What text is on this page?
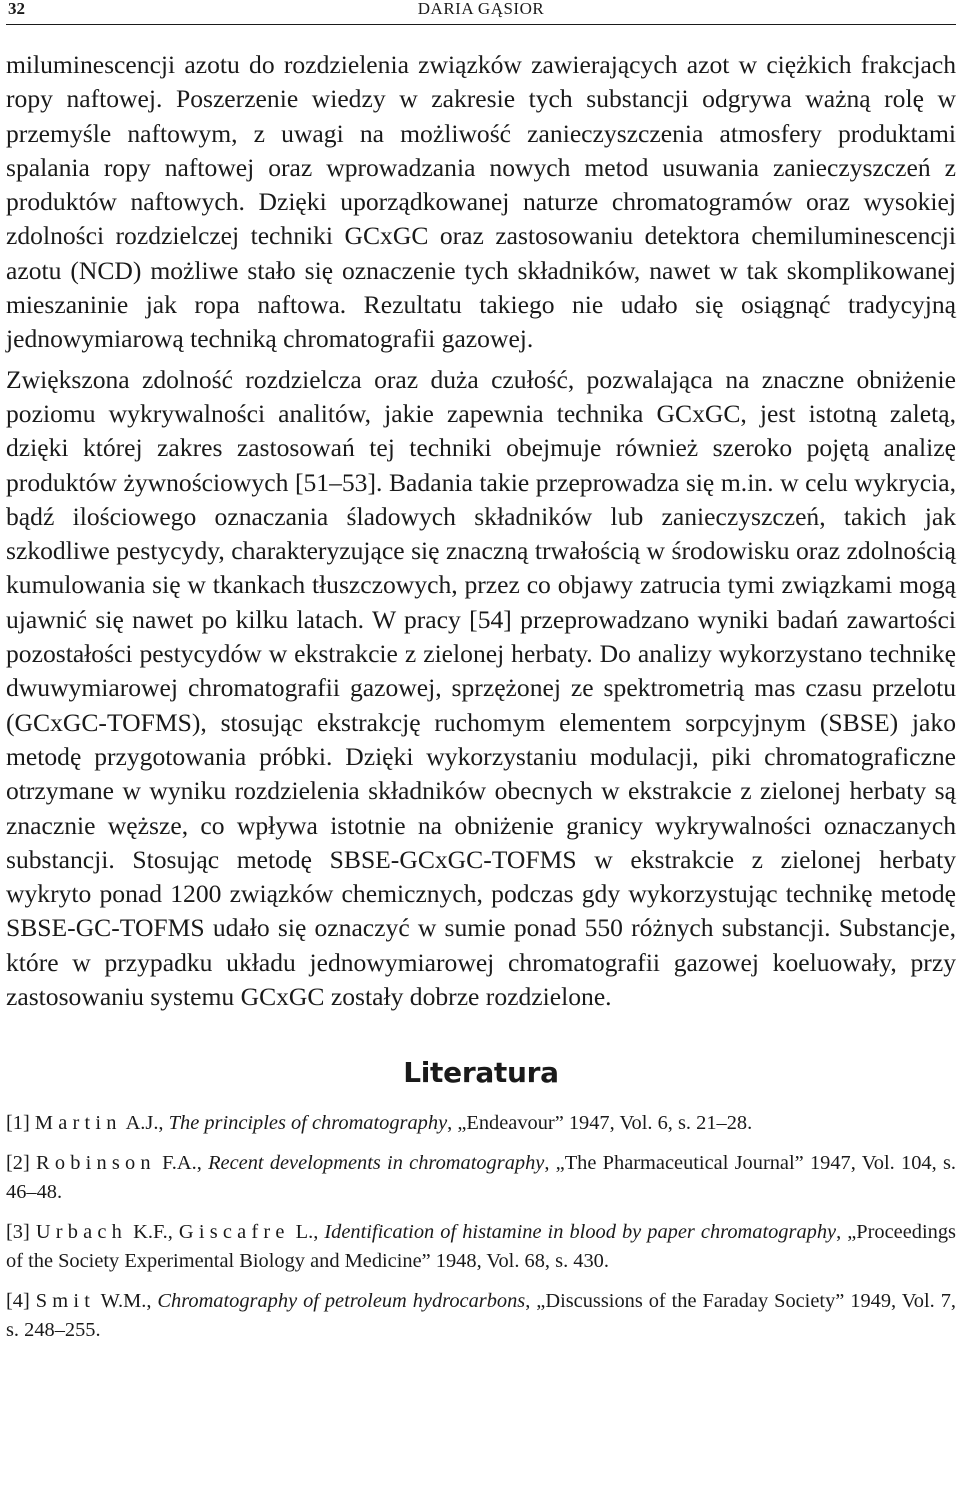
32	DARIA GĄSIOR

miluminescencji azotu do rozdzielenia związków zawierających azot w ciężkich frakcjach ropy naftowej. Poszerzenie wiedzy w zakresie tych substancji odgrywa ważną rolę w przemyśle naftowym, z uwagi na możliwość zanieczyszczenia atmosfery produktami spalania ropy naftowej oraz wprowadzania nowych metod usuwania zanieczyszczeń z produktów naftowych. Dzięki uporządkowanej naturze chromatogramów oraz wysokiej zdolności rozdzielczej techniki GCxGC oraz zastosowaniu detektora chemiluminescencji azotu (NCD) możliwe stało się oznaczenie tych składników, nawet w tak skomplikowanej mieszaninie jak ropa naftowa. Rezultatu takiego nie udało się osiągnąć tradycyjną jednowymiarową techniką chromatografii gazowej.

Zwiększona zdolność rozdzielcza oraz duża czułość, pozwalająca na znaczne obniżenie poziomu wykrywalności analitów, jakie zapewnia technika GCxGC, jest istotną zaletą, dzięki której zakres zastosowań tej techniki obejmuje również szeroko pojętą analizę produktów żywnościowych [51–53]. Badania takie przeprowadza się m.in. w celu wykrycia, bądź ilościowego oznaczania śladowych składników lub zanieczyszczeń, takich jak szkodliwe pestycydy, charakteryzujące się znaczną trwałością w środowisku oraz zdolnością kumulowania się w tkankach tłuszczowych, przez co objawy zatrucia tymi związkami mogą ujawnić się nawet po kilku latach. W pracy [54] przeprowadzano wyniki badań zawartości pozostałości pestycydów w ekstrakcie z zielonej herbaty. Do analizy wykorzystano technikę dwuwymiarowej chromatografii gazowej, sprzężonej ze spektrometrią mas czasu przelotu (GCxGC-TOFMS), stosując ekstrakcję ruchomym elementem sorpcyjnym (SBSE) jako metodę przygotowania próbki. Dzięki wykorzystaniu modulacji, piki chromatograficzne otrzymane w wyniku rozdzielenia składników obecnych w ekstrakcie z zielonej herbaty są znacznie węższe, co wpływa istotnie na obniżenie granicy wykrywalności oznaczanych substancji. Stosując metodę SBSE-GCxGC-TOFMS w ekstrakcie z zielonej herbaty wykryto ponad 1200 związków chemicznych, podczas gdy wykorzystując technikę metodę SBSE-GC-TOFMS udało się oznaczyć w sumie ponad 550 różnych substancji. Substancje, które w przypadku układu jednowymiarowej chromatografii gazowej koeluowały, przy zastosowaniu systemu GCxGC zostały dobrze rozdzielone.

Literatura

[1] Martin A.J., The principles of chromatography, „Endeavour” 1947, Vol. 6, s. 21–28.

[2] Robinson F.A., Recent developments in chromatography, „The Pharmaceutical Journal” 1947, Vol. 104, s. 46–48.

[3] Urbach K.F., Giscafre L., Identification of histamine in blood by paper chromatography, „Proceedings of the Society Experimental Biology and Medicine” 1948, Vol. 68, s. 430.

[4] Smit W.M., Chromatography of petroleum hydrocarbons, „Discussions of the Faraday Society” 1949, Vol. 7, s. 248–255.
